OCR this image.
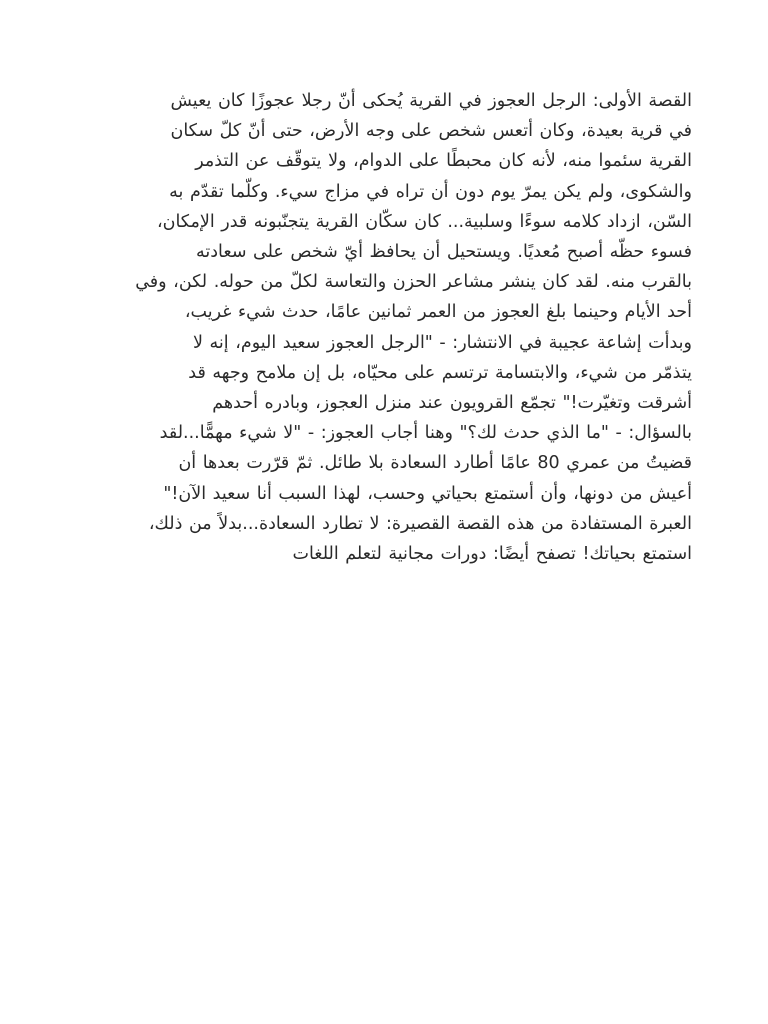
القصة الأولى: الرجل العجوز في القرية يُحكى أنّ رجلا عجوزًا كان يعيش
في قرية بعيدة، وكان أتعس شخص على وجه الأرض، حتى أنّ كلّ سكان
القرية سئموا منه، لأنه كان محبطًا على الدوام، ولا يتوقّف عن التذمر
والشكوى، ولم يكن يمرّ يوم دون أن تراه في مزاج سيء. وكلّما تقدّم به
السّن، ازداد كلامه سوءًا وسلبية... كان سكّان القرية يتجنّبونه قدر الإمكان،
فسوء حظّه أصبح مُعديًا. ويستحيل أن يحافظ أيّ شخص على سعادته
بالقرب منه. لقد كان ينشر مشاعر الحزن والتعاسة لكلّ من حوله. لكن، وفي
أحد الأيام وحينما بلغ العجوز من العمر ثمانين عامًا، حدث شيء غريب،
وبدأت إشاعة عجيبة في الانتشار: - "الرجل العجوز سعيد اليوم، إنه لا
يتذمّر من شيء، والابتسامة ترتسم على محيّاه، بل إن ملامح وجهه قد
أشرقت وتغيّرت!" تجمّع القرويون عند منزل العجوز، وبادره أحدهم
بالسؤال: - "ما الذي حدث لك؟" وهنا أجاب العجوز: - "لا شيء مهمًّا...لقد
قضيتُ من عمري 80 عامًا أطارد السعادة بلا طائل. ثمّ قرّرت بعدها أن
أعيش من دونها، وأن أستمتع بحياتي وحسب، لهذا السبب أنا سعيد الآن!"
العبرة المستفادة من هذه القصة القصيرة: لا تطارد السعادة...بدلاً من ذلك،
استمتع بحياتك! تصفح أيضًا: دورات مجانية لتعلم اللغات
